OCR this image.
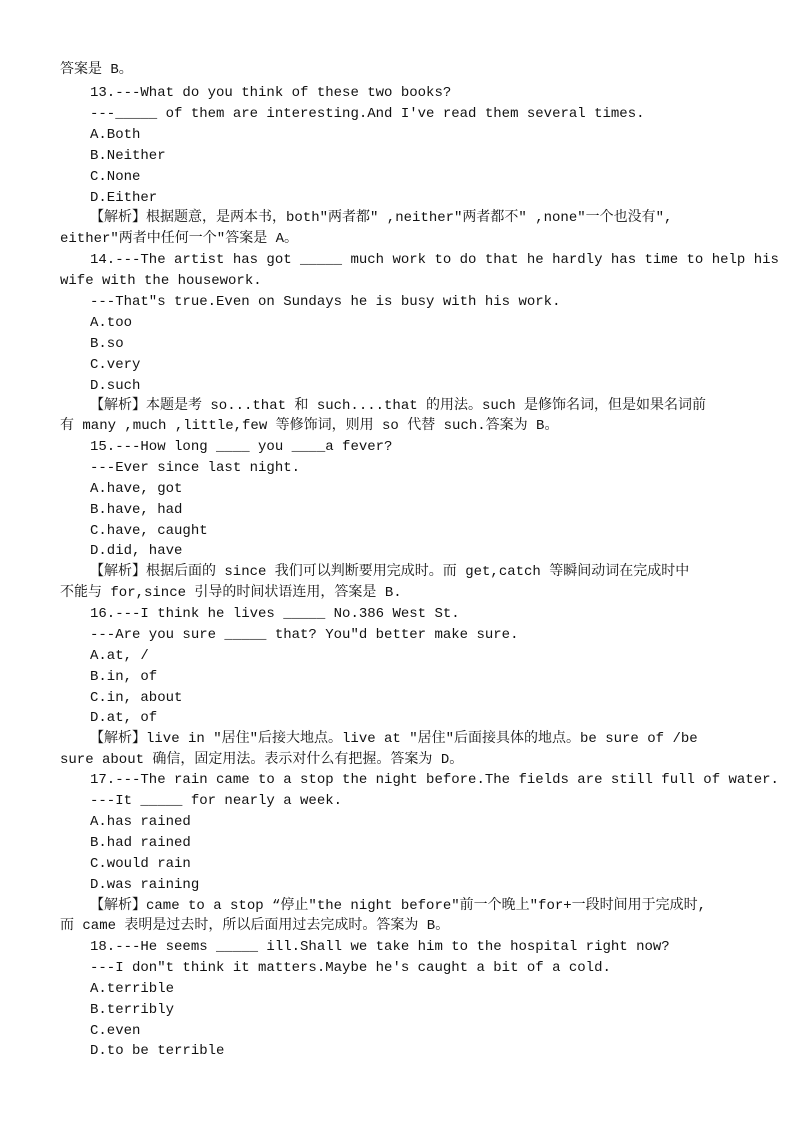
答案是 B。
13.---What do you think of these two books?
---_____ of them are interesting.And I've read them several times.
A.Both
B.Neither
C.None
D.Either
【解析】根据题意，是两本书，both"两者都" ,neither"两者都不" ,none"一个也没有",
either"两者中任何一个"答案是 A。
14.---The artist has got _____ much work to do that he hardly has time to help his
wife with the housework.
---That"s true.Even on Sundays he is busy with his work.
A.too
B.so
C.very
D.such
【解析】本题是考 so...that 和 such....that 的用法。such 是修饰名词，但是如果名词前
有 many ,much ,little,few 等修饰词，则用 so 代替 such.答案为 B。
15.---How long ____ you ____a fever?
---Ever since last night.
A.have, got
B.have, had
C.have, caught
D.did, have
【解析】根据后面的 since 我们可以判断要用完成时。而 get,catch 等瞬间动词在完成时中
不能与 for,since 引导的时间状语连用，答案是 B.
16.---I think he lives _____ No.386 West St.
---Are you sure _____ that? You"d better make sure.
A.at, /
B.in, of
C.in, about
D.at, of
【解析】live in "居住"后接大地点。live at "居住"后面接具体的地点。be sure of /be
sure about 确信，固定用法。表示对什么有把握。答案为 D。
17.---The rain came to a stop the night before.The fields are still full of water.
---It _____ for nearly a week.
A.has rained
B.had rained
C.would rain
D.was raining
【解析】came to a stop “停止"the night before"前一个晚上"for+一段时间用于完成时,
而 came 表明是过去时，所以后面用过去完成时。答案为 B。
18.---He seems _____ ill.Shall we take him to the hospital right now?
---I don"t think it matters.Maybe he's caught a bit of a cold.
A.terrible
B.terribly
C.even
D.to be terrible
